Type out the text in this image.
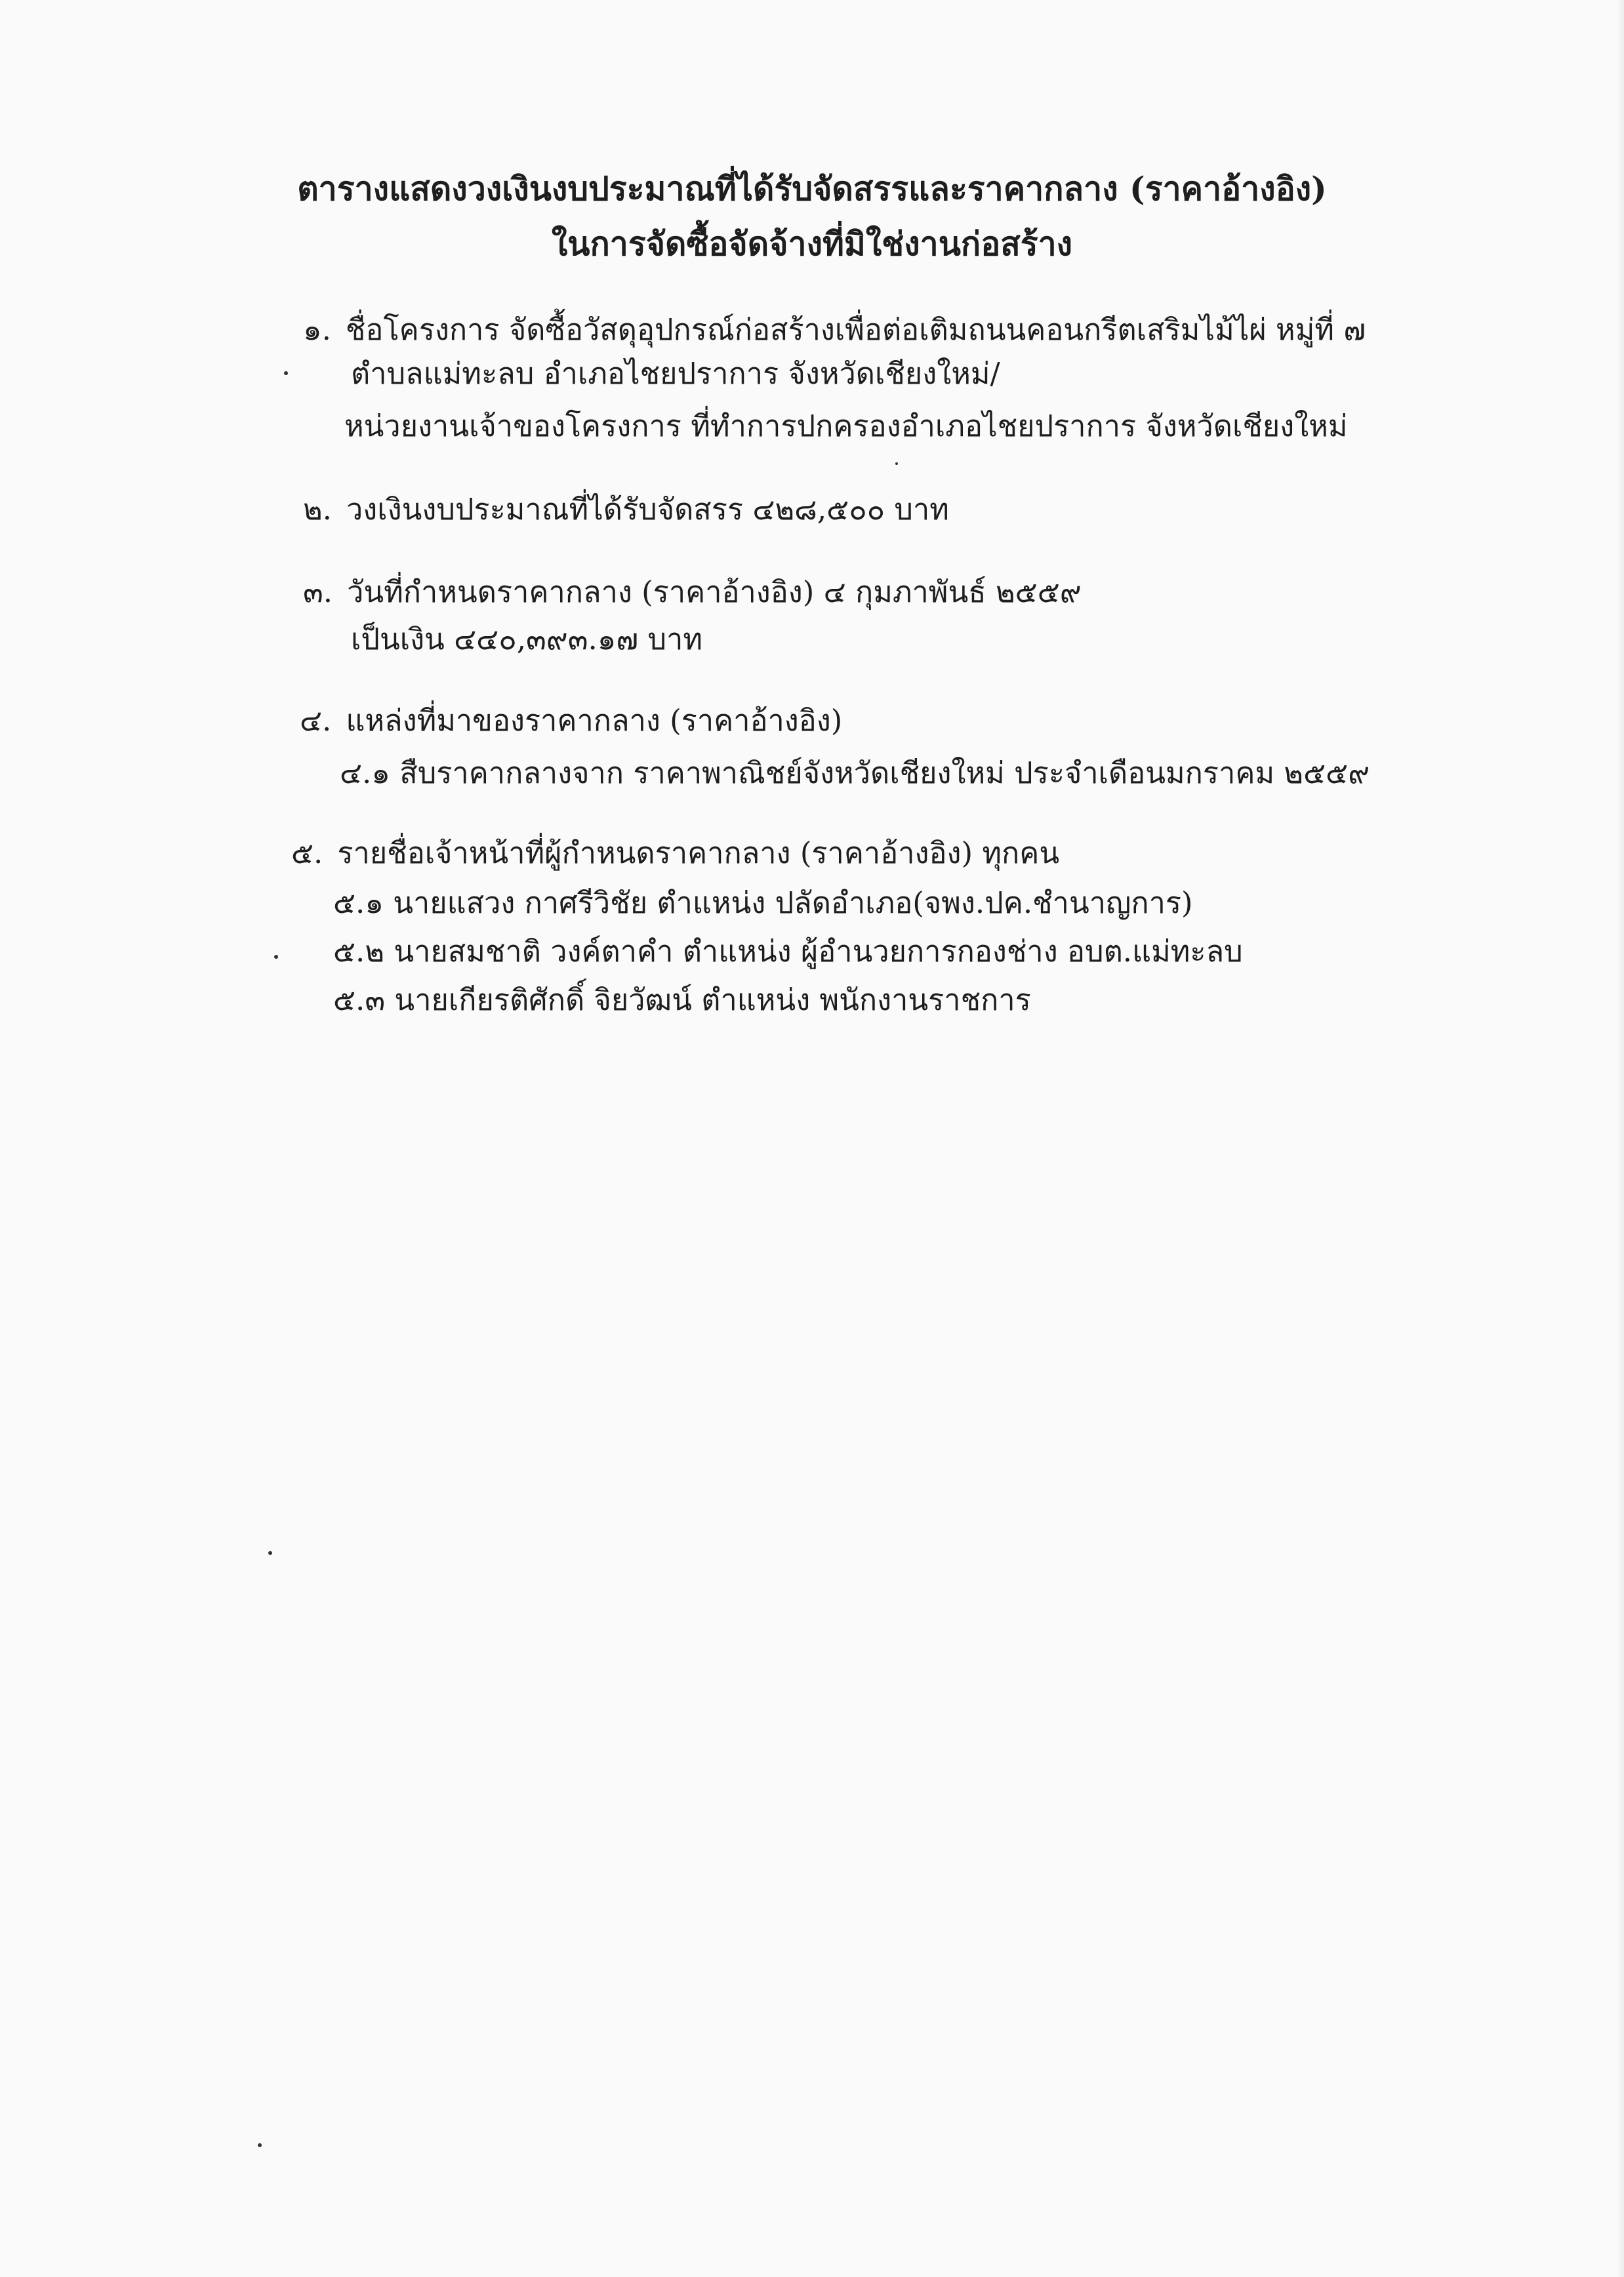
ตารางแสดงวงเงินงบประมาณที่ได้รับจัดสรรและราคากลาง (ราคาอ้างอิง)
ในการจัดซื้อจัดจ้างที่มิใช่งานก่อสร้าง
๑. ชื่อโครงการ จัดซื้อวัสดุอุปกรณ์ก่อสร้างเพื่อต่อเติมถนนคอนกรีตเสริมไม้ไผ่ หมู่ที่ ๗
ตำบลแม่ทะลบ อำเภอไชยปราการ จังหวัดเชียงใหม่/
หน่วยงานเจ้าของโครงการ ที่ทำการปกครองอำเภอไชยปราการ จังหวัดเชียงใหม่
๒. วงเงินงบประมาณที่ได้รับจัดสรร ๔๒๘,๕๐๐ บาท
๓. วันที่กำหนดราคากลาง (ราคาอ้างอิง) ๔ กุมภาพันธ์ ๒๕๕๙
เป็นเงิน ๔๔๐,๓๙๓.๑๗ บาท
๔. แหล่งที่มาของราคากลาง (ราคาอ้างอิง)
๔.๑ สืบราคากลางจาก ราคาพาณิชย์จังหวัดเชียงใหม่ ประจำเดือนมกราคม ๒๕๕๙
๕. รายชื่อเจ้าหน้าที่ผู้กำหนดราคากลาง (ราคาอ้างอิง) ทุกคน
๕.๑ นายแสวง กาศรีวิชัย ตำแหน่ง ปลัดอำเภอ(จพง.ปค.ชำนาญการ)
๕.๒ นายสมชาติ วงค์ตาคำ ตำแหน่ง ผู้อำนวยการกองช่าง อบต.แม่ทะลบ
๕.๓ นายเกียรติศักดิ์ จิยวัฒน์ ตำแหน่ง พนักงานราชการ
